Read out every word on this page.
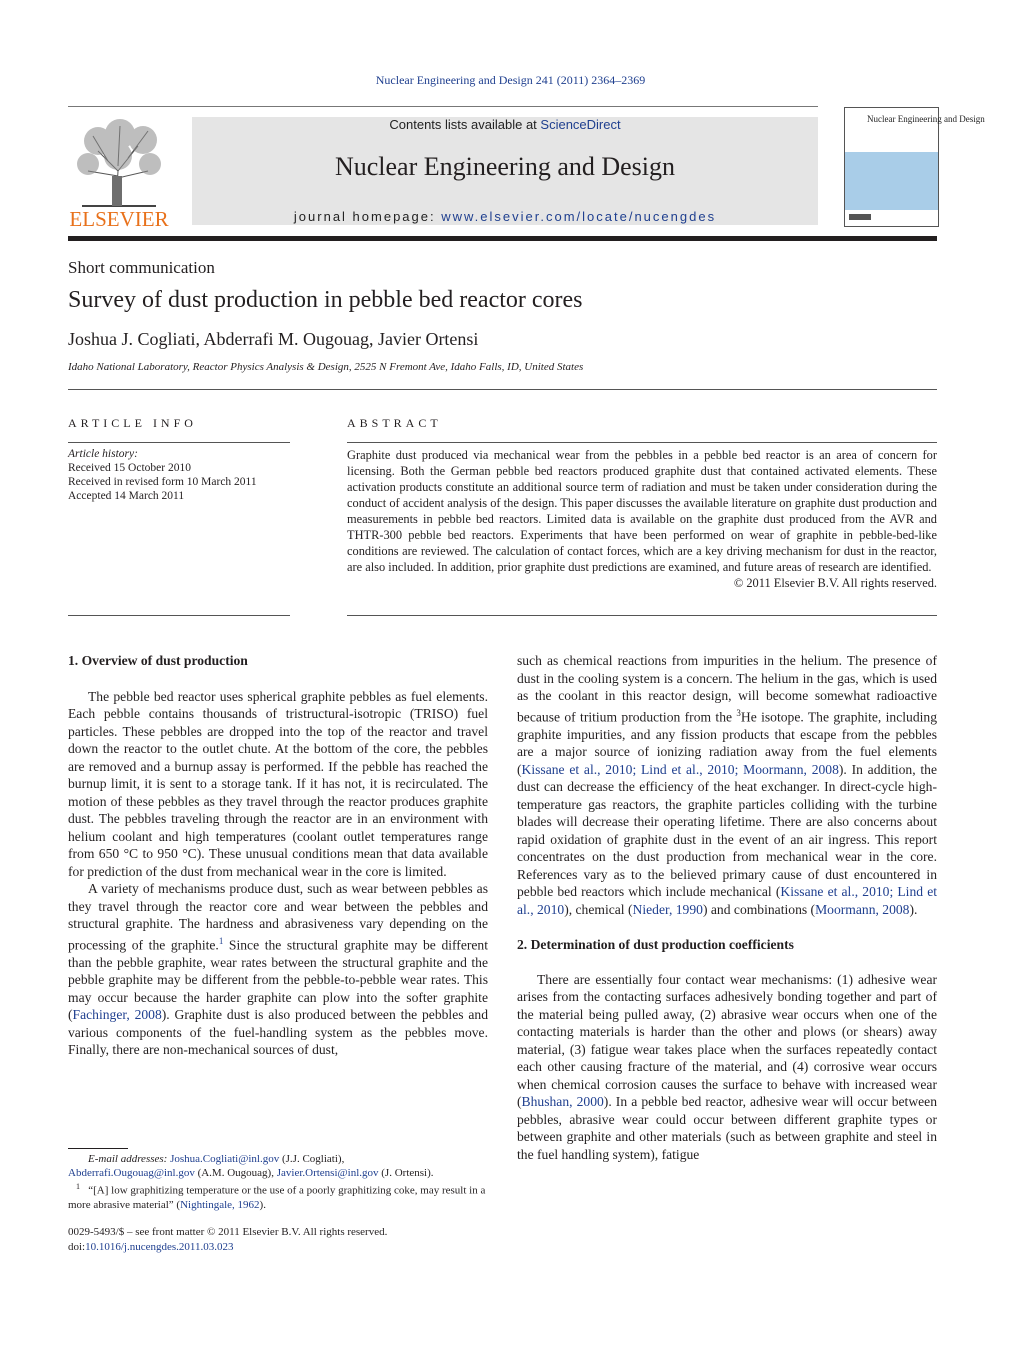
Nuclear Engineering and Design 241 (2011) 2364–2369
ELSEVIER
Contents lists available at ScienceDirect
Nuclear Engineering and Design
journal homepage: www.elsevier.com/locate/nucengdes
Nuclear Engineering and Design
Short communication
Survey of dust production in pebble bed reactor cores
Joshua J. Cogliati, Abderrafi M. Ougouag, Javier Ortensi
Idaho National Laboratory, Reactor Physics Analysis & Design, 2525 N Fremont Ave, Idaho Falls, ID, United States
ARTICLE INFO	ABSTRACT
Article history:
Received 15 October 2010
Received in revised form 10 March 2011
Accepted 14 March 2011
Graphite dust produced via mechanical wear from the pebbles in a pebble bed reactor is an area of concern for licensing. Both the German pebble bed reactors produced graphite dust that contained activated elements. These activation products constitute an additional source term of radiation and must be taken under consideration during the conduct of accident analysis of the design. This paper discusses the available literature on graphite dust production and measurements in pebble bed reactors. Limited data is available on the graphite dust produced from the AVR and THTR-300 pebble bed reactors. Experiments that have been performed on wear of graphite in pebble-bed-like conditions are reviewed. The calculation of contact forces, which are a key driving mechanism for dust in the reactor, are also included. In addition, prior graphite dust predictions are examined, and future areas of research are identified.
© 2011 Elsevier B.V. All rights reserved.
1. Overview of dust production

The pebble bed reactor uses spherical graphite pebbles as fuel elements. Each pebble contains thousands of tristructural-isotropic (TRISO) fuel particles. These pebbles are dropped into the top of the reactor and travel down the reactor to the outlet chute. At the bottom of the core, the pebbles are removed and a burnup assay is performed. If the pebble has reached the burnup limit, it is sent to a storage tank. If it has not, it is recirculated. The motion of these pebbles as they travel through the reactor produces graphite dust. The pebbles traveling through the reactor are in an environment with helium coolant and high temperatures (coolant outlet temperatures range from 650 °C to 950 °C). These unusual conditions mean that data available for prediction of the dust from mechanical wear in the core is limited.

A variety of mechanisms produce dust, such as wear between pebbles as they travel through the reactor core and wear between the pebbles and structural graphite. The hardness and abrasiveness vary depending on the processing of the graphite.$^1$ Since the structural graphite may be different than the pebble graphite, wear rates between the structural graphite and the pebble graphite may be different from the pebble-to-pebble wear rates. This may occur because the harder graphite can plow into the softer graphite (Fachinger, 2008). Graphite dust is also produced between the pebbles and various components of the fuel-handling system as the pebbles move. Finally, there are non-mechanical sources of dust,

such as chemical reactions from impurities in the helium. The presence of dust in the cooling system is a concern. The helium in the gas, which is used as the coolant in this reactor design, will become somewhat radioactive because of tritium production from the $^3$He isotope. The graphite, including graphite impurities, and any fission products that escape from the pebbles are a major source of ionizing radiation away from the fuel elements (Kissane et al., 2010; Lind et al., 2010; Moormann, 2008). In addition, the dust can decrease the efficiency of the heat exchanger. In direct-cycle high-temperature gas reactors, the graphite particles colliding with the turbine blades will decrease their operating lifetime. There are also concerns about rapid oxidation of graphite dust in the event of an air ingress. This report concentrates on the dust production from mechanical wear in the core. References vary as to the believed primary cause of dust encountered in pebble bed reactors which include mechanical (Kissane et al., 2010; Lind et al., 2010), chemical (Nieder, 1990) and combinations (Moormann, 2008).

2. Determination of dust production coefficients

There are essentially four contact wear mechanisms: (1) adhesive wear arises from the contacting surfaces adhesively bonding together and part of the material being pulled away, (2) abrasive wear occurs when one of the contacting materials is harder than the other and plows (or shears) away material, (3) fatigue wear takes place when the surfaces repeatedly contact each other causing fracture of the material, and (4) corrosive wear occurs when chemical corrosion causes the surface to behave with increased wear (Bhushan, 2000). In a pebble bed reactor, adhesive wear will occur between pebbles, abrasive wear could occur between different graphite types or between graphite and other materials (such as between graphite and steel in the fuel handling system), fatigue

E-mail addresses: Joshua.Cogliati@inl.gov (J.J. Cogliati),
Abderrafi.Ougouag@inl.gov (A.M. Ougouag), Javier.Ortensi@inl.gov (J. Ortensi).
$^1$ “[A] low graphitizing temperature or the use of a poorly graphitizing coke, may result in a more abrasive material” (Nightingale, 1962).
0029-5493/$ – see front matter © 2011 Elsevier B.V. All rights reserved.
doi:10.1016/j.nucengdes.2011.03.023
